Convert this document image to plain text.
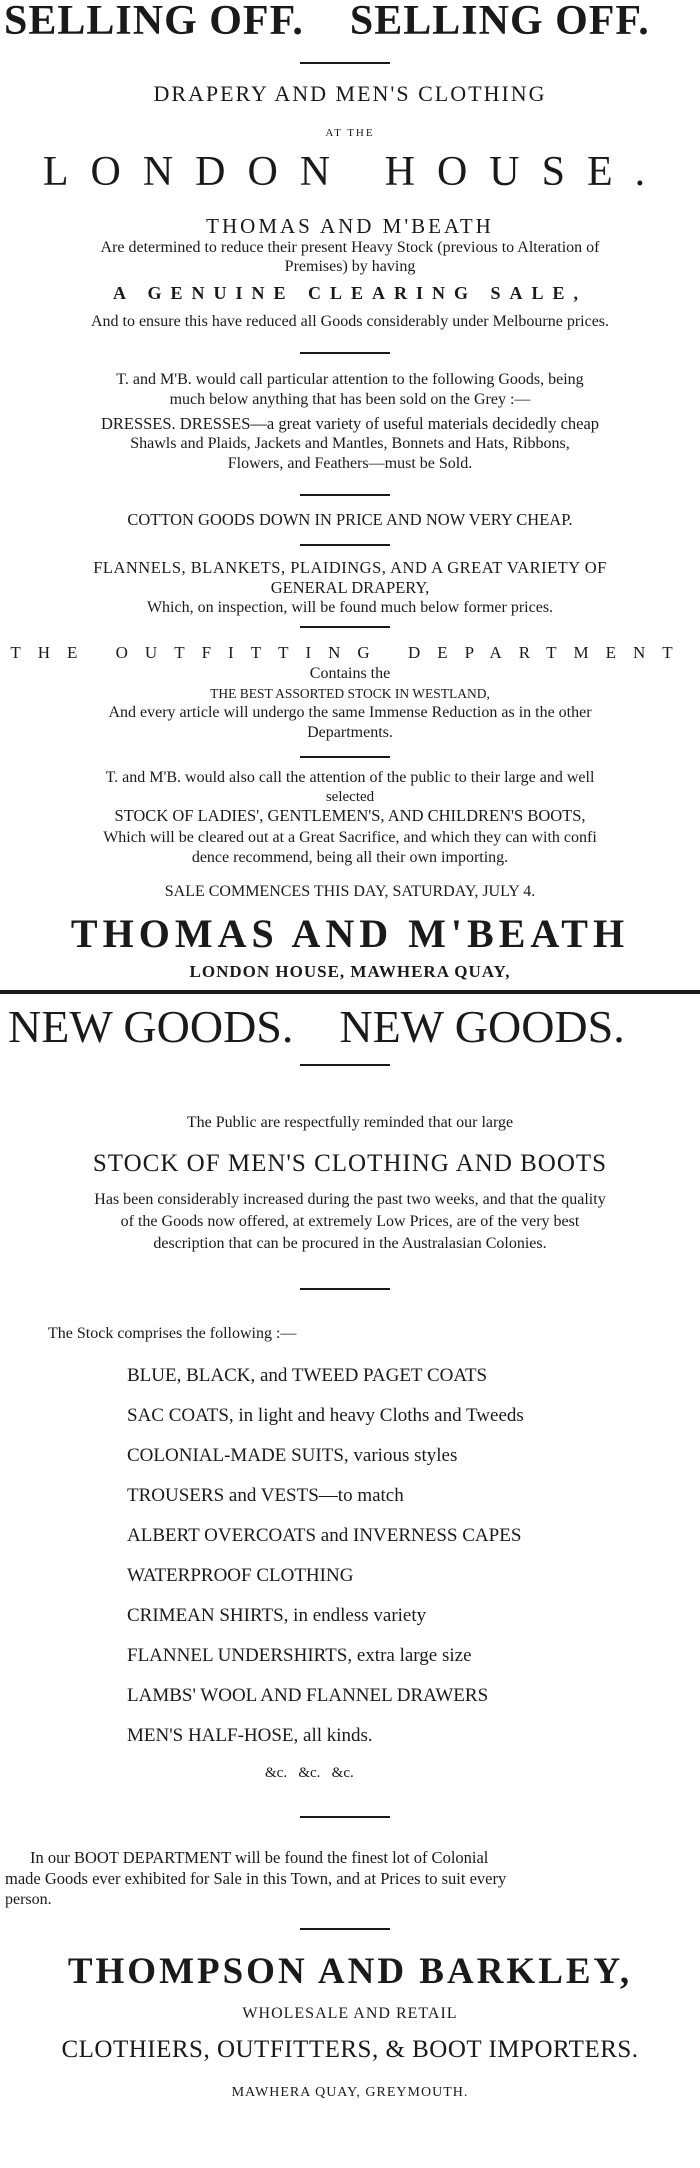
SELLING OFF.    SELLING OFF.
DRAPERY AND MEN'S CLOTHING
AT THE
LONDON HOUSE.
THOMAS AND M'BEATH
Are determined to reduce their present Heavy Stock (previous to Alteration of
Premises) by having
A GENUINE CLEARING SALE,
And to ensure this have reduced all Goods considerably under Melbourne prices.
T. and M'B. would call particular attention to the following Goods, being
much below anything that has been sold on the Grey :—
DRESSES. DRESSES—a great variety of useful materials decidedly cheap
Shawls and Plaids, Jackets and Mantles, Bonnets and Hats, Ribbons,
Flowers, and Feathers—must be Sold.
COTTON GOODS DOWN IN PRICE AND NOW VERY CHEAP.
FLANNELS, BLANKETS, PLAIDINGS, AND A GREAT VARIETY OF
GENERAL DRAPERY,
Which, on inspection, will be found much below former prices.
THE OUTFITTING DEPARTMENT
Contains the
THE BEST ASSORTED STOCK IN WESTLAND,
And every article will undergo the same Immense Reduction as in the other
Departments.
T. and M'B. would also call the attention of the public to their large and well
selected
STOCK OF LADIES', GENTLEMEN'S, AND CHILDREN'S BOOTS,
Which will be cleared out at a Great Sacrifice, and which they can with confi
dence recommend, being all their own importing.
SALE COMMENCES THIS DAY, SATURDAY, JULY 4.
THOMAS AND M'BEATH
LONDON HOUSE, MAWHERA QUAY,
NEW GOODS.    NEW GOODS.
The Public are respectfully reminded that our large
STOCK OF MEN'S CLOTHING AND BOOTS
Has been considerably increased during the past two weeks, and that the quality
of the Goods now offered, at extremely Low Prices, are of the very best
description that can be procured in the Australasian Colonies.
The Stock comprises the following :—
BLUE, BLACK, and TWEED PAGET COATS
SAC COATS, in light and heavy Cloths and Tweeds
COLONIAL-MADE SUITS, various styles
TROUSERS and VESTS—to match
ALBERT OVERCOATS and INVERNESS CAPES
WATERPROOF CLOTHING
CRIMEAN SHIRTS, in endless variety
FLANNEL UNDERSHIRTS, extra large size
LAMBS' WOOL AND FLANNEL DRAWERS
MEN'S HALF-HOSE, all kinds.
&c.   &c.   &c.
In our BOOT DEPARTMENT will be found the finest lot of Colonial
made Goods ever exhibited for Sale in this Town, and at Prices to suit every
person.
THOMPSON AND BARKLEY,
WHOLESALE AND RETAIL
CLOTHIERS, OUTFITTERS, & BOOT IMPORTERS.
MAWHERA QUAY, GREYMOUTH.
